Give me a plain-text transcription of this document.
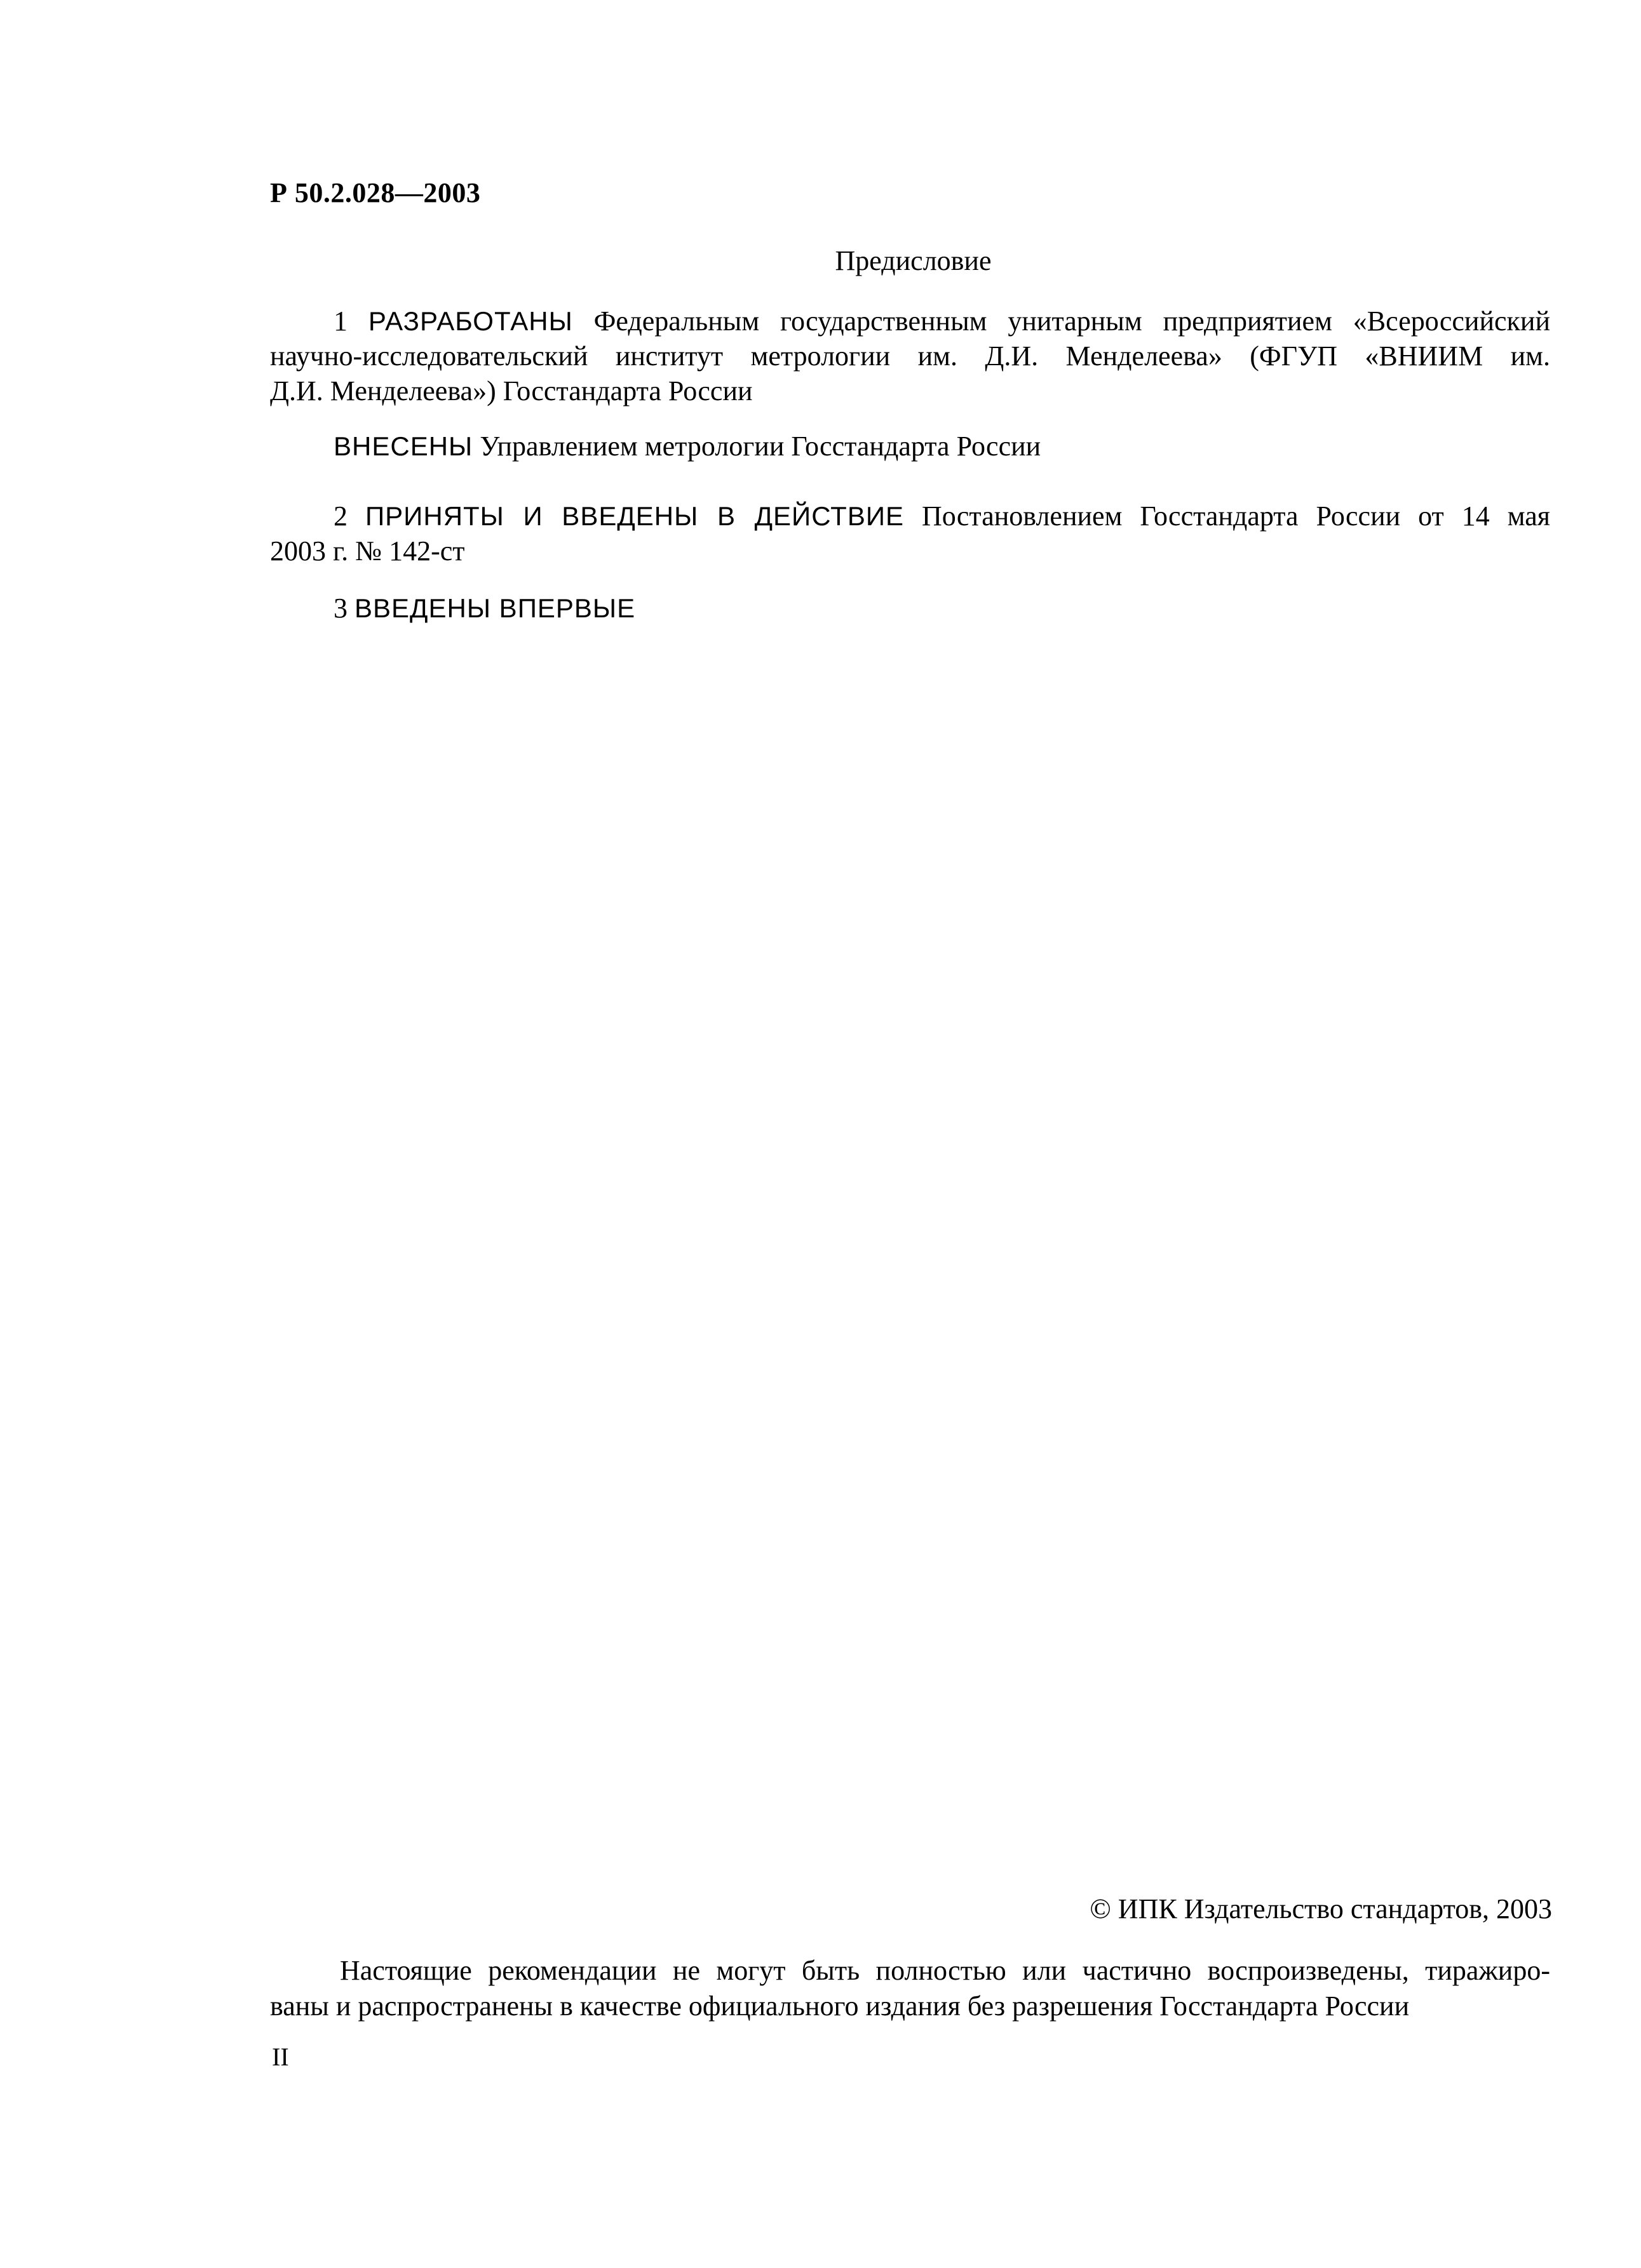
Р 50.2.028—2003
Предисловие
1 РАЗРАБОТАНЫ Федеральным государственным унитарным предприятием «Всероссийский
научно-исследовательский институт метрологии им. Д.И. Менделеева» (ФГУП «ВНИИМ им.
Д.И. Менделеева») Госстандарта России
ВНЕСЕНЫ Управлением метрологии Госстандарта России
2 ПРИНЯТЫ И ВВЕДЕНЫ В ДЕЙСТВИЕ Постановлением Госстандарта России от 14 мая
2003 г. № 142-ст
3 ВВЕДЕНЫ ВПЕРВЫЕ
© ИПК Издательство стандартов, 2003
Настоящие рекомендации не могут быть полностью или частично воспроизведены, тиражиро-
ваны и распространены в качестве официального издания без разрешения Госстандарта России
II
